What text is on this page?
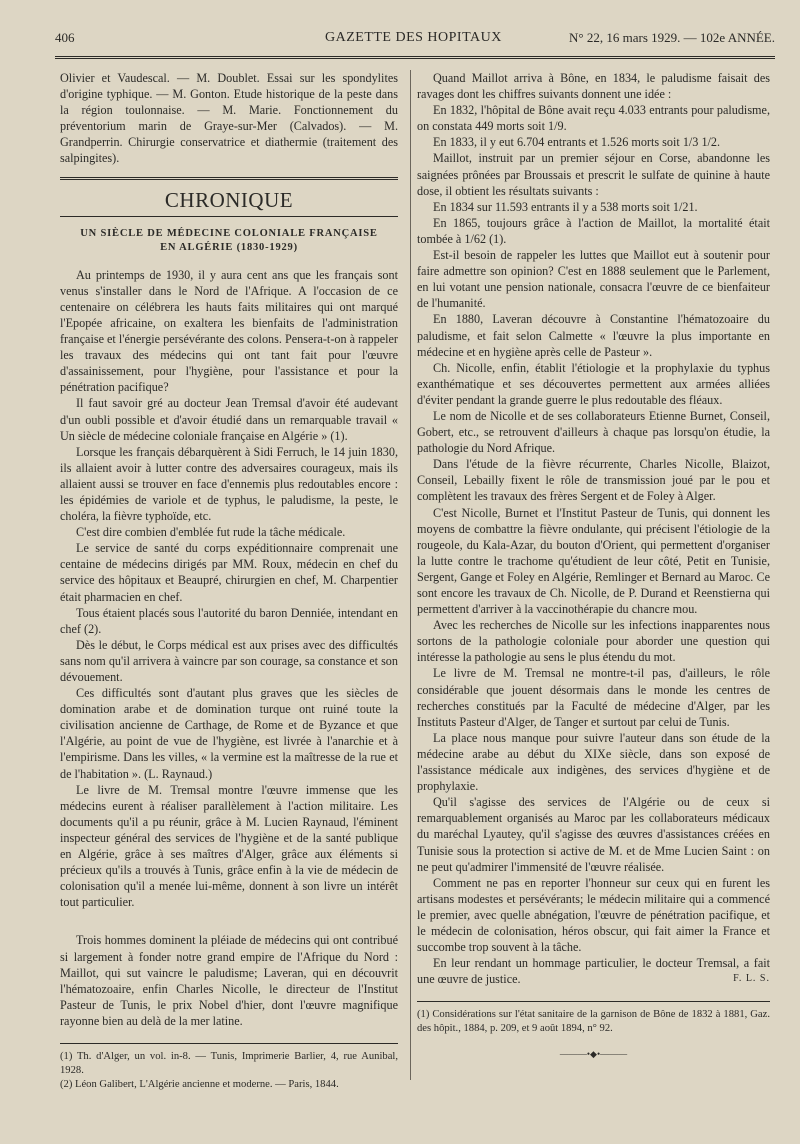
406	GAZETTE DES HOPITAUX	N° 22, 16 mars 1929. — 102e ANNÉE.

Olivier et Vaudescal. — M. Doublet. Essai sur les spondylites d'origine typhique. — M. Gonton. Etude historique de la peste dans la région toulonnaise. — M. Marie. Fonctionnement du préventorium marin de Graye-sur-Mer (Calvados). — M. Grandperrin. Chirurgie conservatrice et diathermie (traitement des salpingites).

CHRONIQUE
UN SIÈCLE DE MÉDECINE COLONIALE FRANÇAISE
EN ALGÉRIE (1830-1929)

Au printemps de 1930, il y aura cent ans que les français sont venus s'installer dans le Nord de l'Afrique. A l'occasion de ce centenaire on célébrera les hauts faits militaires qui ont marqué l'Epopée africaine, on exaltera les bienfaits de l'administration française et l'énergie persévérante des colons. Pensera-t-on à rappeler les travaux des médecins qui ont tant fait pour l'œuvre d'assainissement, pour l'hygiène, pour l'assistance et pour la pénétration pacifique?

Il faut savoir gré au docteur Jean Tremsal d'avoir été audevant d'un oubli possible et d'avoir étudié dans un remarquable travail « Un siècle de médecine coloniale française en Algérie » (1).

Lorsque les français débarquèrent à Sidi Ferruch, le 14 juin 1830, ils allaient avoir à lutter contre des adversaires courageux, mais ils allaient aussi se trouver en face d'ennemis plus redoutables encore : les épidémies de variole et de typhus, le paludisme, la peste, le choléra, la fièvre typhoïde, etc.

C'est dire combien d'emblée fut rude la tâche médicale.

Le service de santé du corps expéditionnaire comprenait une centaine de médecins dirigés par MM. Roux, médecin en chef du service des hôpitaux et Beaupré, chirurgien en chef, M. Charpentier était pharmacien en chef.

Tous étaient placés sous l'autorité du baron Denniée, intendant en chef (2).

Dès le début, le Corps médical est aux prises avec des difficultés sans nom qu'il arrivera à vaincre par son courage, sa constance et son dévouement.

Ces difficultés sont d'autant plus graves que les siècles de domination arabe et de domination turque ont ruiné toute la civilisation ancienne de Carthage, de Rome et de Byzance et que l'Algérie, au point de vue de l'hygiène, est livrée à l'anarchie et à l'empirisme. Dans les villes, « la vermine est la maîtresse de la rue et de l'habitation ». (L. Raynaud.)

Le livre de M. Tremsal montre l'œuvre immense que les médecins eurent à réaliser parallèlement à l'action militaire. Les documents qu'il a pu réunir, grâce à M. Lucien Raynaud, l'éminent inspecteur général des services de l'hygiène et de la santé publique en Algérie, grâce à ses maîtres d'Alger, grâce aux éléments si précieux qu'ils a trouvés à Tunis, grâce enfin à la vie de médecin de colonisation qu'il a menée lui-même, donnent à son livre un intérêt tout particulier.

Trois hommes dominent la pléiade de médecins qui ont contribué si largement à fonder notre grand empire de l'Afrique du Nord : Maillot, qui sut vaincre le paludisme; Laveran, qui en découvrit l'hématozoaire, enfin Charles Nicolle, le directeur de l'Institut Pasteur de Tunis, le prix Nobel d'hier, dont l'œuvre magnifique rayonne bien au delà de la mer latine.

(1) Th. d'Alger, un vol. in-8. — Tunis, Imprimerie Barlier, 4, rue Aunibal, 1928.

(2) Léon Galibert, L'Algérie ancienne et moderne. — Paris, 1844.

Quand Maillot arriva à Bône, en 1834, le paludisme faisait des ravages dont les chiffres suivants donnent une idée :

En 1832, l'hôpital de Bône avait reçu 4.033 entrants pour paludisme, on constata 449 morts soit 1/9.

En 1833, il y eut 6.704 entrants et 1.526 morts soit 1/3 1/2.

Maillot, instruit par un premier séjour en Corse, abandonne les saignées prônées par Broussais et prescrit le sulfate de quinine à haute dose, il obtient les résultats suivants :

En 1834 sur 11.593 entrants il y a 538 morts soit 1/21.

En 1865, toujours grâce à l'action de Maillot, la mortalité était tombée à 1/62 (1).

Est-il besoin de rappeler les luttes que Maillot eut à soutenir pour faire admettre son opinion? C'est en 1888 seulement que le Parlement, en lui votant une pension nationale, consacra l'œuvre de ce bienfaiteur de l'humanité.

En 1880, Laveran découvre à Constantine l'hématozoaire du paludisme, et fait selon Calmette « l'œuvre la plus importante en médecine et en hygiène après celle de Pasteur ».

Ch. Nicolle, enfin, établit l'étiologie et la prophylaxie du typhus exanthématique et ses découvertes permettent aux armées alliées d'éviter pendant la grande guerre le plus redoutable des fléaux.

Le nom de Nicolle et de ses collaborateurs Etienne Burnet, Conseil, Gobert, etc., se retrouvent d'ailleurs à chaque pas lorsqu'on étudie, la pathologie du Nord Afrique.

Dans l'étude de la fièvre récurrente, Charles Nicolle, Blaizot, Conseil, Lebailly fixent le rôle de transmission joué par le pou et complètent les travaux des frères Sergent et de Foley à Alger.

C'est Nicolle, Burnet et l'Institut Pasteur de Tunis, qui donnent les moyens de combattre la fièvre ondulante, qui précisent l'étiologie de la rougeole, du Kala-Azar, du bouton d'Orient, qui permettent d'organiser la lutte contre le trachome qu'étudient de leur côté, Petit en Tunisie, Sergent, Gange et Foley en Algérie, Remlinger et Bernard au Maroc. Ce sont encore les travaux de Ch. Nicolle, de P. Durand et Reenstierna qui permettent d'arriver à la vaccinothérapie du chancre mou.

Avec les recherches de Nicolle sur les infections inapparentes nous sortons de la pathologie coloniale pour aborder une question qui intéresse la pathologie au sens le plus étendu du mot.

Le livre de M. Tremsal ne montre-t-il pas, d'ailleurs, le rôle considérable que jouent désormais dans le monde les centres de recherches constitués par la Faculté de médecine d'Alger, par les Instituts Pasteur d'Alger, de Tanger et surtout par celui de Tunis.

La place nous manque pour suivre l'auteur dans son étude de la médecine arabe au début du XIXe siècle, dans son exposé de l'assistance médicale aux indigènes, des services d'hygiène et de prophylaxie.

Qu'il s'agisse des services de l'Algérie ou de ceux si remarquablement organisés au Maroc par les collaborateurs médicaux du maréchal Lyautey, qu'il s'agisse des œuvres d'assistances créées en Tunisie sous la protection si active de M. et de Mme Lucien Saint : on ne peut qu'admirer l'immensité de l'œuvre réalisée.

Comment ne pas en reporter l'honneur sur ceux qui en furent les artisans modestes et persévérants; le médecin militaire qui a commencé le premier, avec quelle abnégation, l'œuvre de pénétration pacifique, et le médecin de colonisation, héros obscur, qui fait aimer la France et succombe trop souvent à la tâche.

En leur rendant un hommage particulier, le docteur Tremsal, a fait une œuvre de justice.	F. L. S.

(1) Considérations sur l'état sanitaire de la garnison de Bône de 1832 à 1881, Gaz. des hôpit., 1884, p. 209, et 9 août 1894, n° 92.

———•◆•———
